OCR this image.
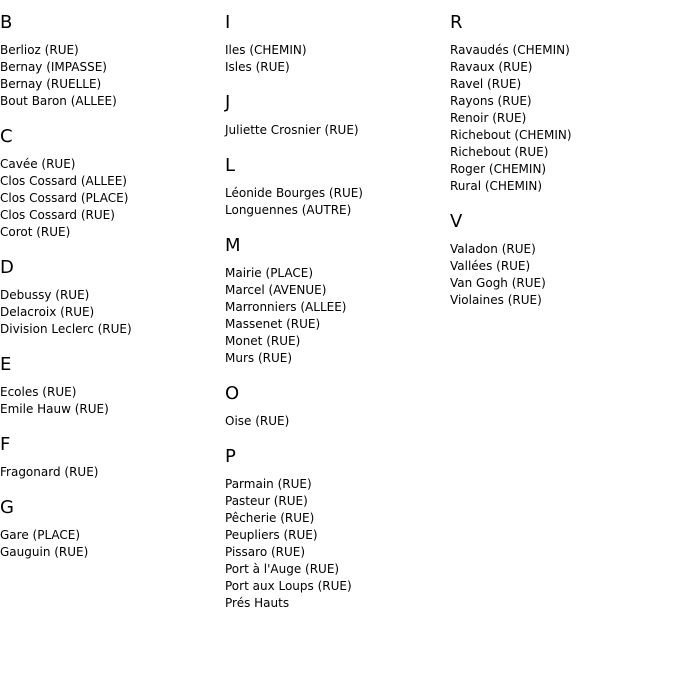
B
Berlioz (RUE)
Bernay (IMPASSE)
Bernay (RUELLE)
Bout Baron (ALLEE)
C
Cavée (RUE)
Clos Cossard (ALLEE)
Clos Cossard (PLACE)
Clos Cossard (RUE)
Corot (RUE)
D
Debussy (RUE)
Delacroix (RUE)
Division Leclerc (RUE)
E
Ecoles (RUE)
Emile Hauw (RUE)
F
Fragonard (RUE)
G
Gare (PLACE)
Gauguin (RUE)
I
Iles (CHEMIN)
Isles (RUE)
J
Juliette Crosnier (RUE)
L
Léonide Bourges (RUE)
Longuennes (AUTRE)
M
Mairie (PLACE)
Marcel (AVENUE)
Marronniers (ALLEE)
Massenet (RUE)
Monet (RUE)
Murs (RUE)
O
Oise (RUE)
P
Parmain (RUE)
Pasteur (RUE)
Pêcherie (RUE)
Peupliers (RUE)
Pissaro (RUE)
Port à l'Auge (RUE)
Port aux Loups (RUE)
Prés Hauts
R
Ravaudés (CHEMIN)
Ravaux (RUE)
Ravel (RUE)
Rayons (RUE)
Renoir (RUE)
Richebout (CHEMIN)
Richebout (RUE)
Roger (CHEMIN)
Rural (CHEMIN)
V
Valadon (RUE)
Vallées (RUE)
Van Gogh (RUE)
Violaines (RUE)
